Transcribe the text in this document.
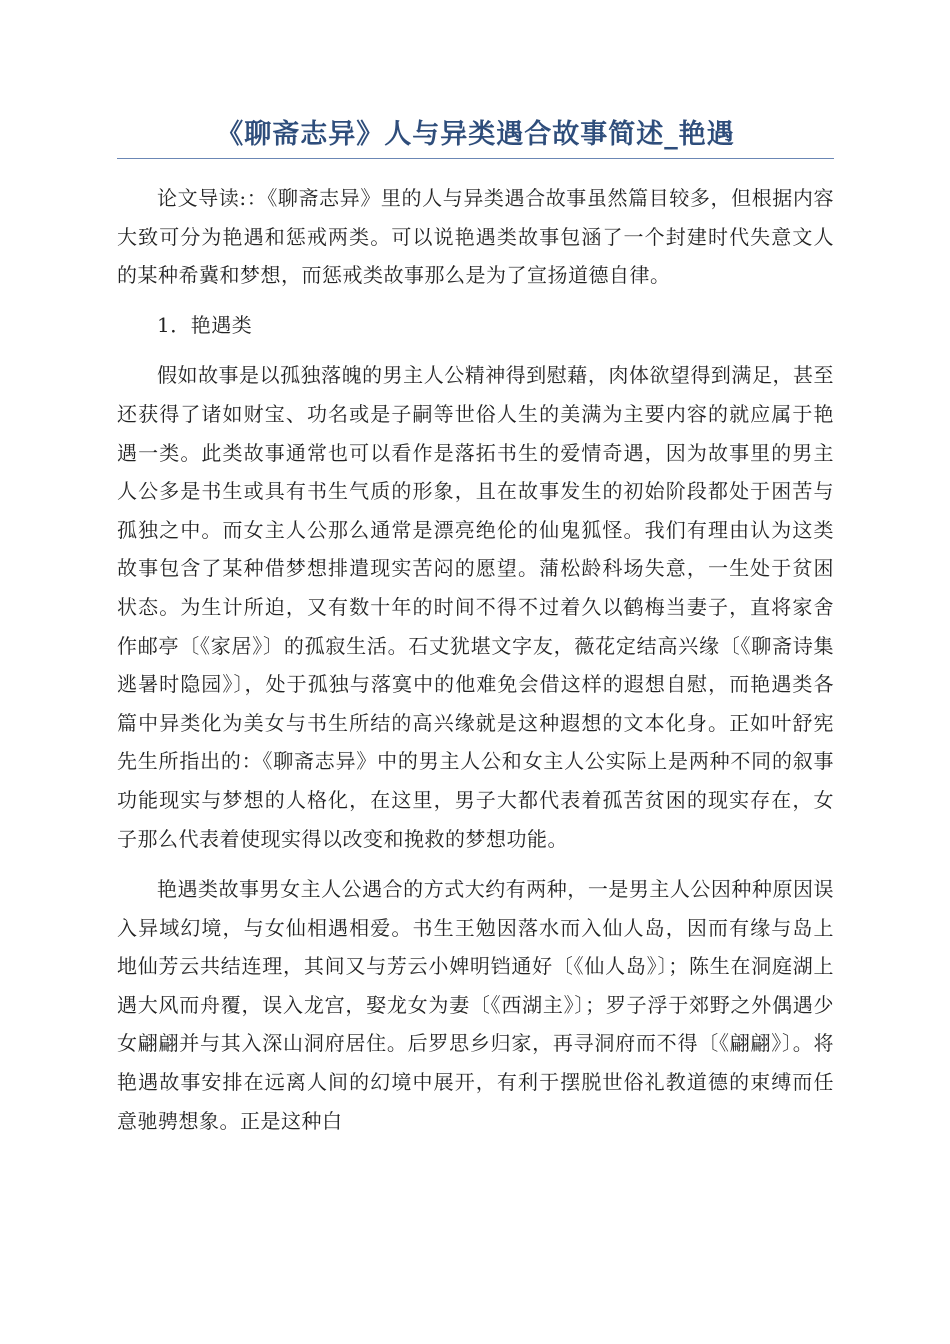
《聊斋志异》人与异类遇合故事简述_艳遇

论文导读:：《聊斋志异》里的人与异类遇合故事虽然篇目较多，但根据内容大致可分为艳遇和惩戒两类。可以说艳遇类故事包涵了一个封建时代失意文人的某种希冀和梦想，而惩戒类故事那么是为了宣扬道德自律。

1．艳遇类

假如故事是以孤独落魄的男主人公精神得到慰藉，肉体欲望得到满足，甚至还获得了诸如财宝、功名或是子嗣等世俗人生的美满为主要内容的就应属于艳遇一类。此类故事通常也可以看作是落拓书生的爱情奇遇，因为故事里的男主人公多是书生或具有书生气质的形象，且在故事发生的初始阶段都处于困苦与孤独之中。而女主人公那么通常是漂亮绝伦的仙鬼狐怪。我们有理由认为这类故事包含了某种借梦想排遣现实苦闷的愿望。蒲松龄科场失意，一生处于贫困状态。为生计所迫，又有数十年的时间不得不过着久以鹤梅当妻子，直将家舍作邮亭〔《家居》〕的孤寂生活。石丈犹堪文字友，薇花定结高兴缘〔《聊斋诗集逃暑时隐园》〕，处于孤独与落寞中的他难免会借这样的遐想自慰，而艳遇类各篇中异类化为美女与书生所结的高兴缘就是这种遐想的文本化身。正如叶舒宪先生所指出的：《聊斋志异》中的男主人公和女主人公实际上是两种不同的叙事功能现实与梦想的人格化，在这里，男子大都代表着孤苦贫困的现实存在，女子那么代表着使现实得以改变和挽救的梦想功能。

艳遇类故事男女主人公遇合的方式大约有两种，一是男主人公因种种原因误入异域幻境，与女仙相遇相爱。书生王勉因落水而入仙人岛，因而有缘与岛上地仙芳云共结连理，其间又与芳云小婢明铛通好〔《仙人岛》〕；陈生在洞庭湖上遇大风而舟覆，误入龙宫，娶龙女为妻〔《西湖主》〕；罗子浮于郊野之外偶遇少女翩翩并与其入深山洞府居住。后罗思乡归家，再寻洞府而不得〔《翩翩》〕。将艳遇故事安排在远离人间的幻境中展开，有利于摆脱世俗礼教道德的束缚而任意驰骋想象。正是这种白
